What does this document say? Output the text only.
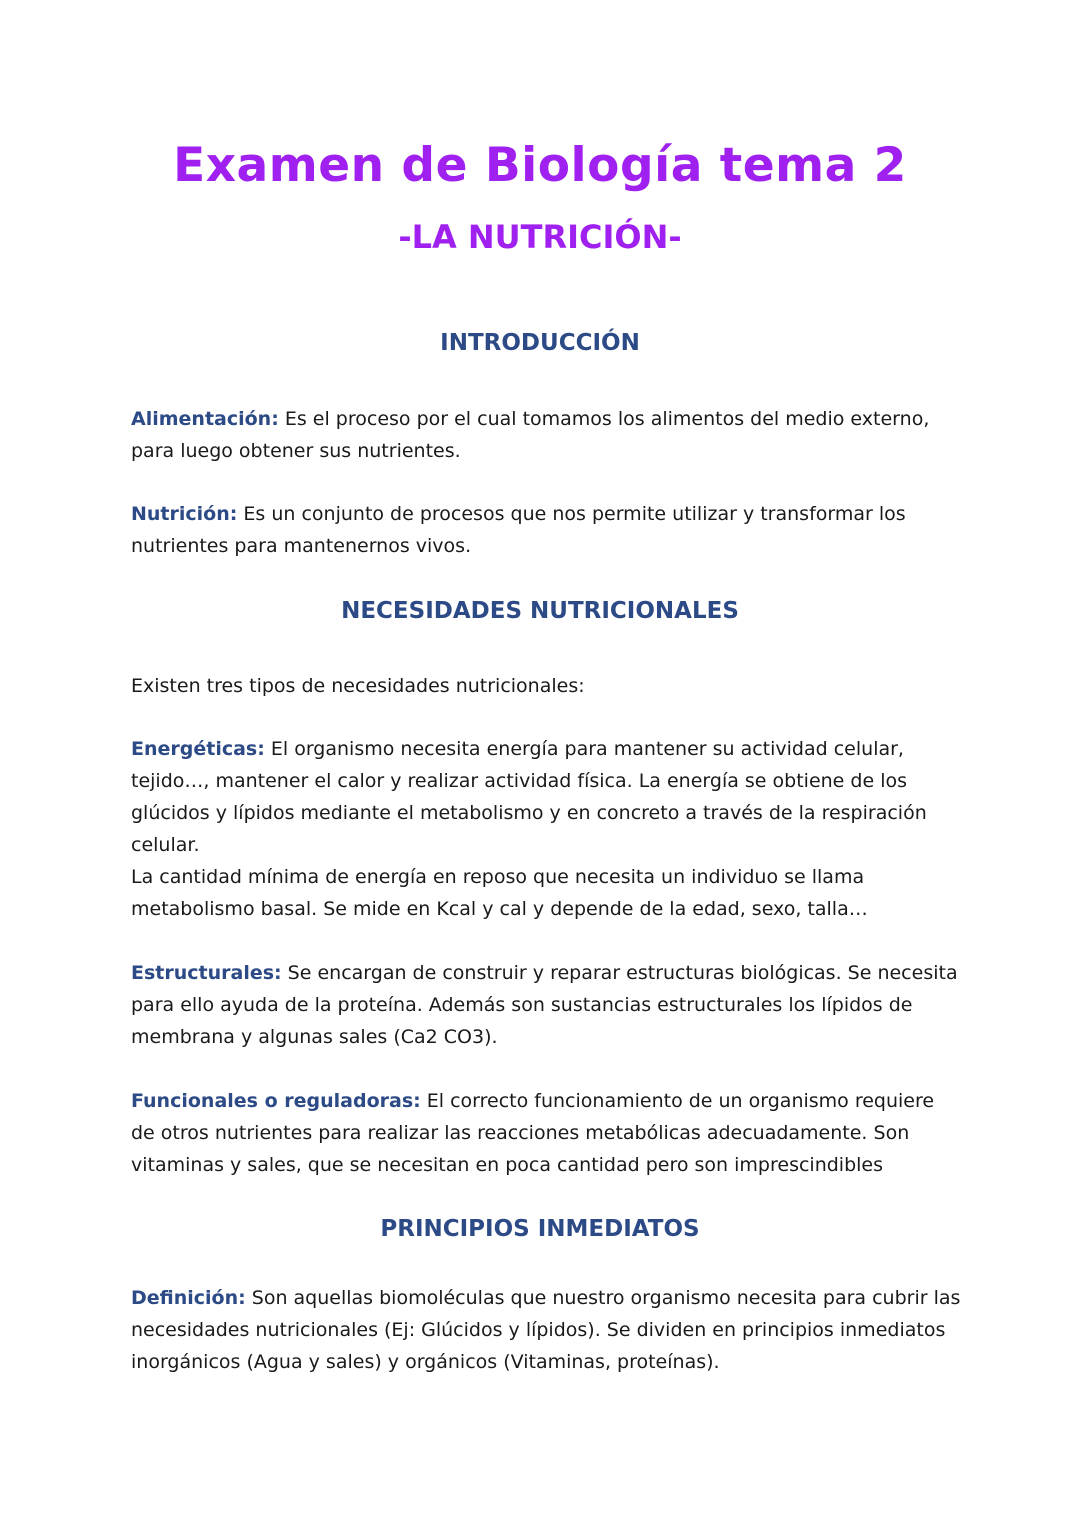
Examen de Biología tema 2
-LA NUTRICIÓN-
INTRODUCCIÓN

Alimentación: Es el proceso por el cual tomamos los alimentos del medio externo, para luego obtener sus nutrientes.

Nutrición: Es un conjunto de procesos que nos permite utilizar y transformar los nutrientes para mantenernos vivos.

NECESIDADES NUTRICIONALES

Existen tres tipos de necesidades nutricionales:

Energéticas: El organismo necesita energía para mantener su actividad celular, tejido…, mantener el calor y realizar actividad física. La energía se obtiene de los glúcidos y lípidos mediante el metabolismo y en concreto a través de la respiración celular.
La cantidad mínima de energía en reposo que necesita un individuo se llama metabolismo basal. Se mide en Kcal y cal y depende de la edad, sexo, talla…

Estructurales: Se encargan de construir y reparar estructuras biológicas. Se necesita para ello ayuda de la proteína. Además son sustancias estructurales los lípidos de membrana y algunas sales (Ca2 CO3).

Funcionales o reguladoras: El correcto funcionamiento de un organismo requiere de otros nutrientes para realizar las reacciones metabólicas adecuadamente. Son vitaminas y sales, que se necesitan en poca cantidad pero son imprescindibles

PRINCIPIOS INMEDIATOS

Definición: Son aquellas biomoléculas que nuestro organismo necesita para cubrir las necesidades nutricionales (Ej: Glúcidos y lípidos). Se dividen en principios inmediatos inorgánicos (Agua y sales) y orgánicos (Vitaminas, proteínas).
